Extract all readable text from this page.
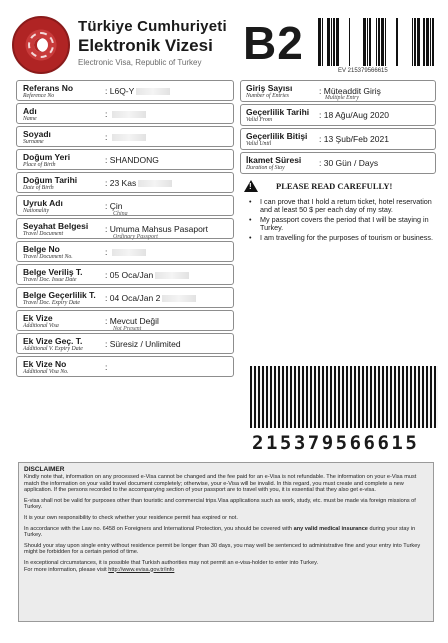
Türkiye Cumhuriyeti
Elektronik Vizesi
Electronic Visa, Republic of Turkey B2
EV 215379566615
Referans No
Reference No	: L6Q-Y
Adı
Name	:
Soyadı
Surname	:
Doğum Yeri
Place of Birth	: SHANDONG
Doğum Tarihi
Date of Birth	: 23 Kas
Uyruk Adı
Nationality	: Çin
China
Seyahat Belgesi
Travel Document	: Umuma Mahsus Pasaport
Ordinary Passport
Belge No
Travel Document No.	:
Belge Veriliş T.
Travel Doc. Issue Date	: 05 Oca/Jan
Belge Geçerlilik T.
Travel Doc. Expiry Date	: 04 Oca/Jan 2
Ek Vize
Additional Visa	: Mevcut Değil
Not Present
Ek Vize Geç. T.
Additional V. Expiry Date	: Süresiz / Unlimited
Ek Vize No
Additional Visa No.	:
Giriş Sayısı
Number of Entries	: Müteaddit Giriş
Multiple Entry
Geçerlilik Tarihi
Valid From	: 18 Ağu/Aug 2020
Geçerlilik Bitişi
Valid Until	: 13 Şub/Feb 2021
İkamet Süresi
Duration of Stay	: 30 Gün / Days
!	PLEASE READ CAREFULLY!
• I can prove that I hold a return ticket, hotel reservation and at least 50 $ per each day of my stay.
• My passport covers the period that I will be staying in Turkey.
• I am travelling for the purposes of tourism or business.
215379566615
DISCLAIMER

Kindly note that, information on any processed e-Visa cannot be changed and the fee paid for an e-Visa is not refundable. The information on your e-Visa must match the information on your valid travel document completely; otherwise, your e-Visa will be invalid. In this regard, you must create and complete a new application. If the persons recorded to the accompanying section of your passport are to travel with you, it is essential that they also get e-visa.

E-visa shall not be valid for purposes other than touristic and commercial trips.Visa applications such as work, study, etc. must be made via foreign missions of Turkey.

It is your own responsibility to check whether your residence permit has expired or not.

In accordance with the Law no. 6458 on Foreigners and International Protection, you should be covered with any valid medical insurance during your stay in Turkey.

Should your stay upon single entry without residence permit be longer than 30 days, you may well be sentenced to administrative fine and your entry into Turkey might be forbidden for a certain period of time.

In exceptional circumstances, it is possible that Turkish authorities may not permit an e-visa-holder to enter into Turkey.
For more information, please visit http://www.evisa.gov.tr/info
